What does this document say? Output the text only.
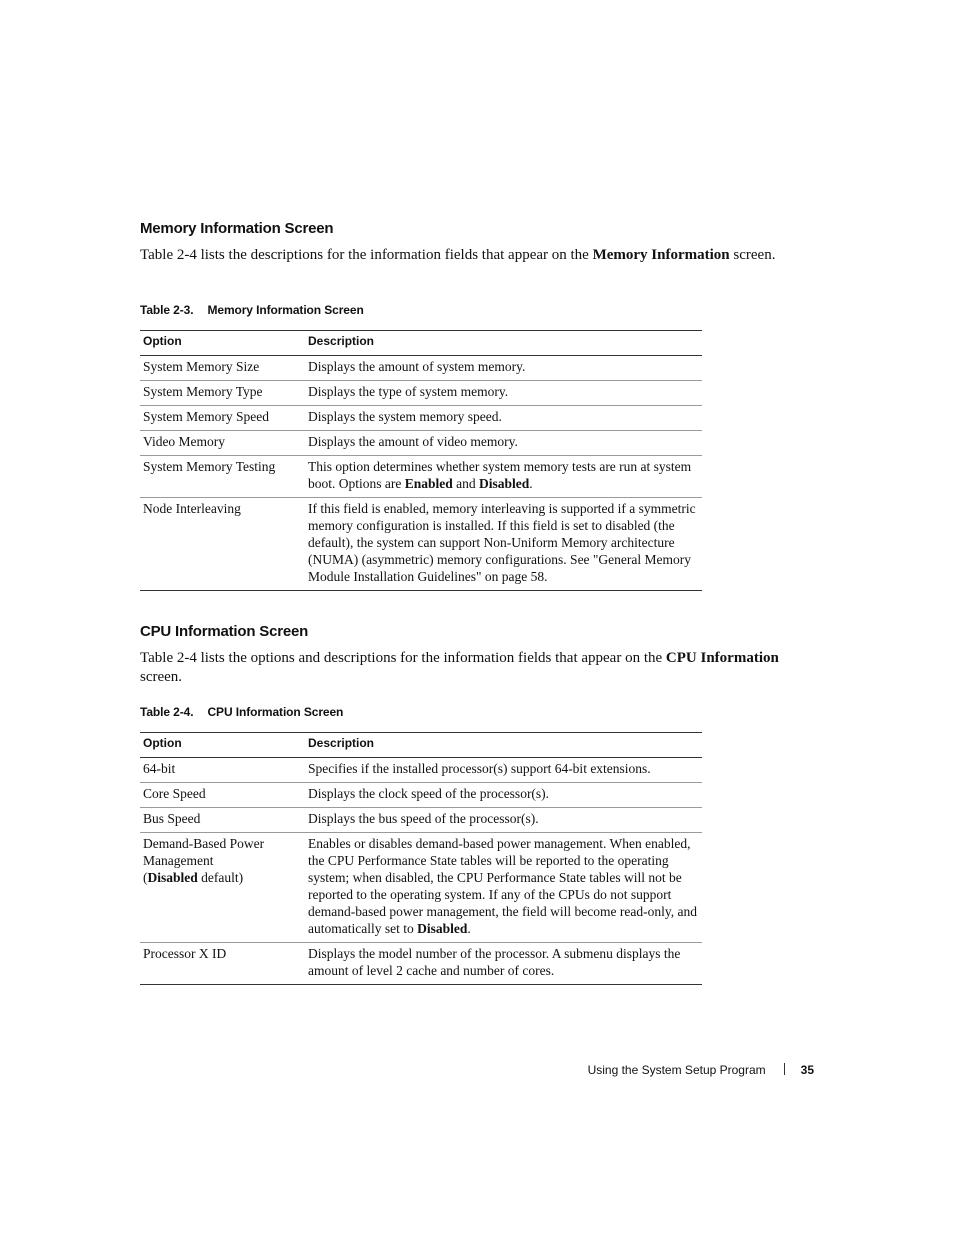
Memory Information Screen

Table 2-4 lists the descriptions for the information fields that appear on the Memory Information screen.

Table 2-3. Memory Information Screen

Option	Description
System Memory Size	Displays the amount of system memory.
System Memory Type	Displays the type of system memory.
System Memory Speed	Displays the system memory speed.
Video Memory	Displays the amount of video memory.
System Memory Testing	This option determines whether system memory tests are run at system boot. Options are Enabled and Disabled.
Node Interleaving	If this field is enabled, memory interleaving is supported if a symmetric memory configuration is installed. If this field is set to disabled (the default), the system can support Non-Uniform Memory architecture (NUMA) (asymmetric) memory configurations. See "General Memory Module Installation Guidelines" on page 58.
CPU Information Screen

Table 2-4 lists the options and descriptions for the information fields that appear on the CPU Information screen.

Table 2-4. CPU Information Screen

Option	Description
64-bit	Specifies if the installed processor(s) support 64-bit extensions.
Core Speed	Displays the clock speed of the processor(s).
Bus Speed	Displays the bus speed of the processor(s).
Demand-Based Power Management
(Disabled default)	Enables or disables demand-based power management. When enabled, the CPU Performance State tables will be reported to the operating system; when disabled, the CPU Performance State tables will not be reported to the operating system. If any of the CPUs do not support demand-based power management, the field will become read-only, and automatically set to Disabled.
Processor X ID	Displays the model number of the processor. A submenu displays the amount of level 2 cache and number of cores.
Using the System Setup Program	35
